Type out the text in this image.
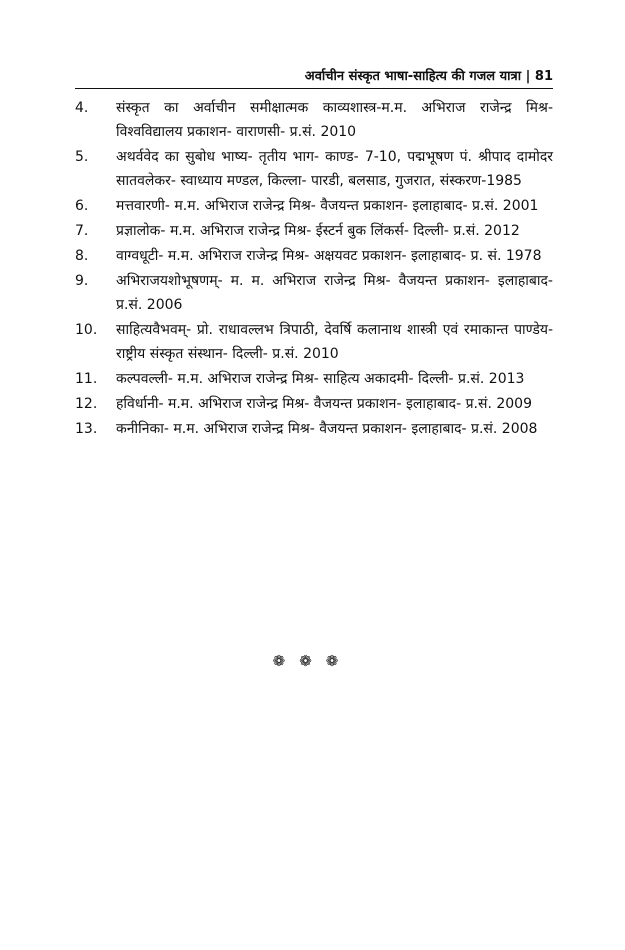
अर्वाचीन संस्कृत भाषा-साहित्य की गजल यात्रा | 81
4. संस्कृत का अर्वाचीन समीक्षात्मक काव्यशास्त्र-म.म. अभिराज राजेन्द्र मिश्र- विश्वविद्यालय प्रकाशन- वाराणसी- प्र.सं. 2010
5. अथर्ववेद का सुबोध भाष्य- तृतीय भाग- काण्ड- 7-10, पद्मभूषण पं. श्रीपाद दामोदर सातवलेकर- स्वाध्याय मण्डल, किल्ला- पारडी, बलसाड, गुजरात, संस्करण-1985
6. मत्तवारणी- म.म. अभिराज राजेन्द्र मिश्र- वैजयन्त प्रकाशन- इलाहाबाद- प्र.सं. 2001
7. प्रज्ञालोक- म.म. अभिराज राजेन्द्र मिश्र- ईस्टर्न बुक लिंकर्स- दिल्ली- प्र.सं. 2012
8. वाग्वधूटी- म.म. अभिराज राजेन्द्र मिश्र- अक्षयवट प्रकाशन- इलाहाबाद- प्र. सं. 1978
9. अभिराजयशोभूषणम्- म. म. अभिराज राजेन्द्र मिश्र- वैजयन्त प्रकाशन- इलाहाबाद- प्र.सं. 2006
10. साहित्यवैभवम्- प्रो. राधावल्लभ त्रिपाठी, देवर्षि कलानाथ शास्त्री एवं रमाकान्त पाण्डेय- राष्ट्रीय संस्कृत संस्थान- दिल्ली- प्र.सं. 2010
11. कल्पवल्ली- म.म. अभिराज राजेन्द्र मिश्र- साहित्य अकादमी- दिल्ली- प्र.सं. 2013
12. हविर्धानी- म.म. अभिराज राजेन्द्र मिश्र- वैजयन्त प्रकाशन- इलाहाबाद- प्र.सं. 2009
13. कनीनिका- म.म. अभिराज राजेन्द्र मिश्र- वैजयन्त प्रकाशन- इलाहाबाद- प्र.सं. 2008
❁❁❁
